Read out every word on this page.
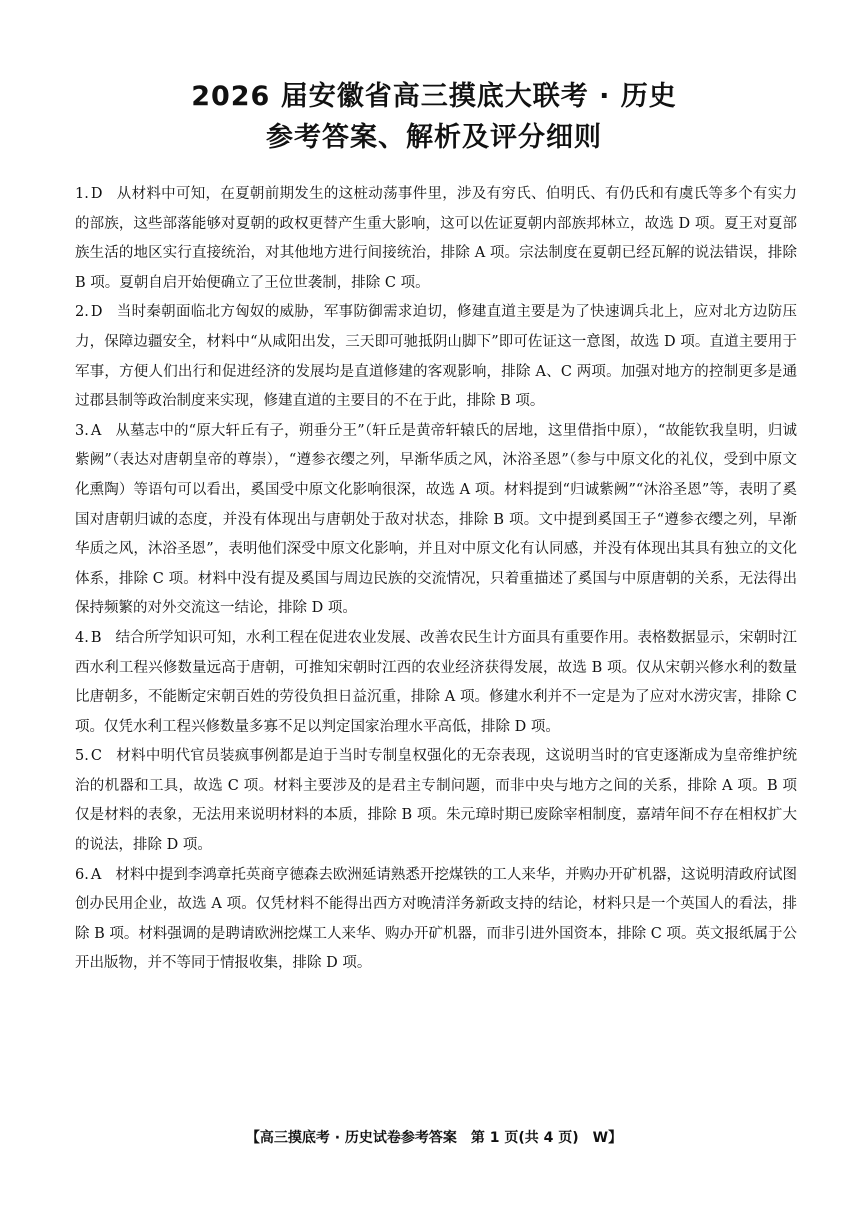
2026 届安徽省高三摸底大联考 · 历史
参考答案、解析及评分细则

1. D 从材料中可知，在夏朝前期发生的这桩动荡事件里，涉及有穷氏、伯明氏、有仍氏和有虞氏等多个有实力的部族，这些部落能够对夏朝的政权更替产生重大影响，这可以佐证夏朝内部族邦林立，故选 D 项。夏王对夏部族生活的地区实行直接统治，对其他地方进行间接统治，排除 A 项。宗法制度在夏朝已经瓦解的说法错误，排除 B 项。夏朝自启开始便确立了王位世袭制，排除 C 项。

2. D 当时秦朝面临北方匈奴的威胁，军事防御需求迫切，修建直道主要是为了快速调兵北上，应对北方边防压力，保障边疆安全，材料中“从咸阳出发，三天即可驰抵阴山脚下”即可佐证这一意图，故选 D 项。直道主要用于军事，方便人们出行和促进经济的发展均是直道修建的客观影响，排除 A、C 两项。加强对地方的控制更多是通过郡县制等政治制度来实现，修建直道的主要目的不在于此，排除 B 项。

3. A 从墓志中的“原大轩丘有子，朔垂分王”（轩丘是黄帝轩辕氏的居地，这里借指中原），“故能钦我皇明，归诚紫阙”（表达对唐朝皇帝的尊崇），“遵参衣缨之列，早渐华质之风，沐浴圣恩”（参与中原文化的礼仪，受到中原文化熏陶）等语句可以看出，奚国受中原文化影响很深，故选 A 项。材料提到“归诚紫阙”“沐浴圣恩”等，表明了奚国对唐朝归诚的态度，并没有体现出与唐朝处于敌对状态，排除 B 项。文中提到奚国王子“遵参衣缨之列，早渐华质之风，沐浴圣恩”，表明他们深受中原文化影响，并且对中原文化有认同感，并没有体现出其具有独立的文化体系，排除 C 项。材料中没有提及奚国与周边民族的交流情况，只着重描述了奚国与中原唐朝的关系，无法得出保持频繁的对外交流这一结论，排除 D 项。

4. B 结合所学知识可知，水利工程在促进农业发展、改善农民生计方面具有重要作用。表格数据显示，宋朝时江西水利工程兴修数量远高于唐朝，可推知宋朝时江西的农业经济获得发展，故选 B 项。仅从宋朝兴修水利的数量比唐朝多，不能断定宋朝百姓的劳役负担日益沉重，排除 A 项。修建水利并不一定是为了应对水涝灾害，排除 C 项。仅凭水利工程兴修数量多寡不足以判定国家治理水平高低，排除 D 项。

5. C 材料中明代官员装疯事例都是迫于当时专制皇权强化的无奈表现，这说明当时的官吏逐渐成为皇帝维护统治的机器和工具，故选 C 项。材料主要涉及的是君主专制问题，而非中央与地方之间的关系，排除 A 项。B 项仅是材料的表象，无法用来说明材料的本质，排除 B 项。朱元璋时期已废除宰相制度，嘉靖年间不存在相权扩大的说法，排除 D 项。

6. A 材料中提到李鸿章托英商亨德森去欧洲延请熟悉开挖煤铁的工人来华，并购办开矿机器，这说明清政府试图创办民用企业，故选 A 项。仅凭材料不能得出西方对晚清洋务新政支持的结论，材料只是一个英国人的看法，排除 B 项。材料强调的是聘请欧洲挖煤工人来华、购办开矿机器，而非引进外国资本，排除 C 项。英文报纸属于公开出版物，并不等同于情报收集，排除 D 项。

【高三摸底考 · 历史试卷参考答案　第 1 页(共 4 页)　W】
